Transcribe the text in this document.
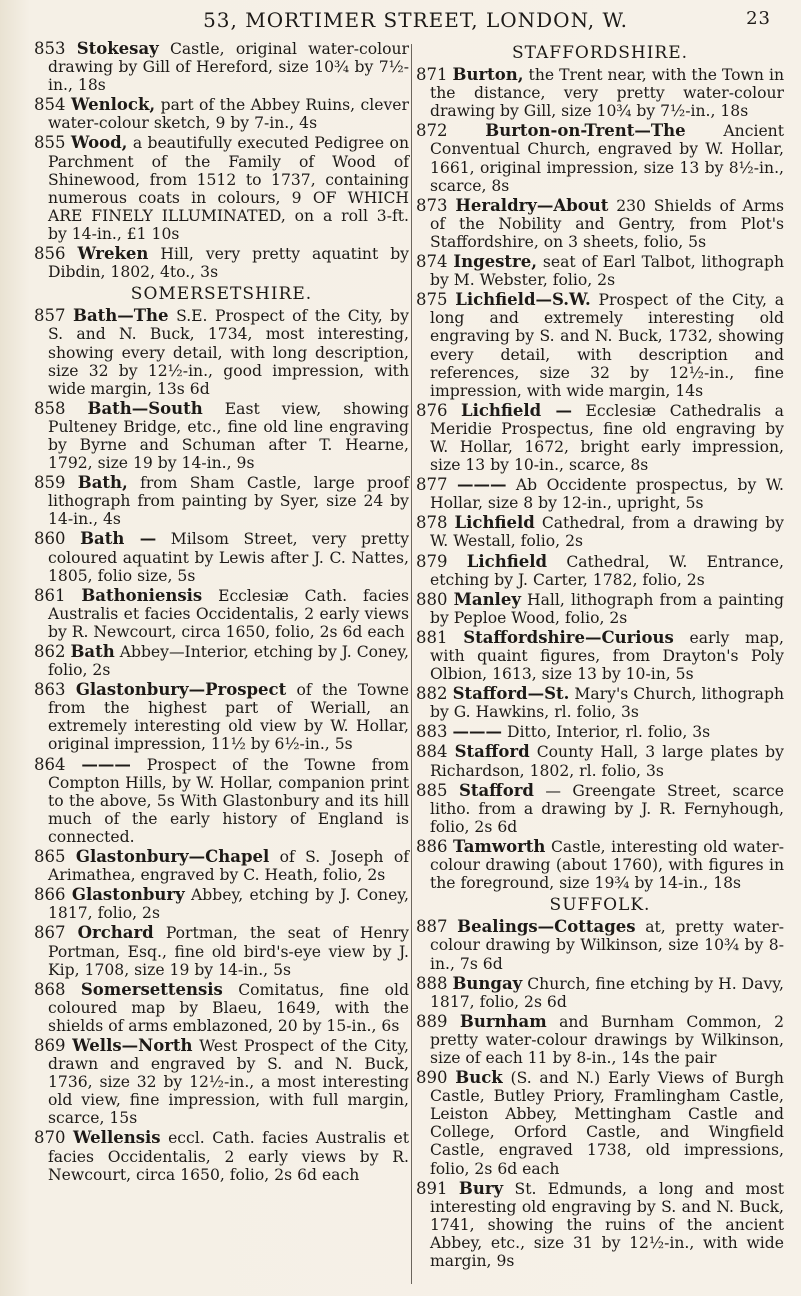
53, MORTIMER STREET, LONDON, W.	23
853 Stokesay Castle, original water-colour drawing by Gill of Hereford, size 10¾ by 7½-in., 18s
854 Wenlock, part of the Abbey Ruins, clever water-colour sketch, 9 by 7-in., 4s
855 Wood, a beautifully executed Pedigree on Parchment of the Family of Wood of Shinewood, from 1512 to 1737, containing numerous coats in colours, 9 OF WHICH ARE FINELY ILLUMINATED, on a roll 3-ft. by 14-in., £1 10s
856 Wreken Hill, very pretty aquatint by Dibdin, 1802, 4to., 3s
SOMERSETSHIRE.
857 Bath—The S.E. Prospect of the City, by S. and N. Buck, 1734, most interesting, showing every detail, with long description, size 32 by 12½-in., good impression, with wide margin, 13s 6d
858 Bath—South East view, showing Pulteney Bridge, etc., fine old line engraving by Byrne and Schuman after T. Hearne, 1792, size 19 by 14-in., 9s
859 Bath, from Sham Castle, large proof lithograph from painting by Syer, size 24 by 14-in., 4s
860 Bath — Milsom Street, very pretty coloured aquatint by Lewis after J. C. Nattes, 1805, folio size, 5s
861 Bathoniensis Ecclesiæ Cath. facies Australis et facies Occidentalis, 2 early views by R. Newcourt, circa 1650, folio, 2s 6d each
862 Bath Abbey—Interior, etching by J. Coney, folio, 2s
863 Glastonbury—Prospect of the Towne from the highest part of Weriall, an extremely interesting old view by W. Hollar, original impression, 11½ by 6½-in., 5s
864 ——— Prospect of the Towne from Compton Hills, by W. Hollar, companion print to the above, 5s With Glastonbury and its hill much of the early history of England is connected.
865 Glastonbury—Chapel of S. Joseph of Arimathea, engraved by C. Heath, folio, 2s
866 Glastonbury Abbey, etching by J. Coney, 1817, folio, 2s
867 Orchard Portman, the seat of Henry Portman, Esq., fine old bird's-eye view by J. Kip, 1708, size 19 by 14-in., 5s
868 Somersettensis Comitatus, fine old coloured map by Blaeu, 1649, with the shields of arms emblazoned, 20 by 15-in., 6s
869 Wells—North West Prospect of the City, drawn and engraved by S. and N. Buck, 1736, size 32 by 12½-in., a most interesting old view, fine impression, with full margin, scarce, 15s
870 Wellensis eccl. Cath. facies Australis et facies Occidentalis, 2 early views by R. Newcourt, circa 1650, folio, 2s 6d each
STAFFORDSHIRE.
871 Burton, the Trent near, with the Town in the distance, very pretty water-colour drawing by Gill, size 10¾ by 7½-in., 18s
872 Burton-on-Trent—The Ancient Conventual Church, engraved by W. Hollar, 1661, original impression, size 13 by 8½-in., scarce, 8s
873 Heraldry—About 230 Shields of Arms of the Nobility and Gentry, from Plot's Staffordshire, on 3 sheets, folio, 5s
874 Ingestre, seat of Earl Talbot, lithograph by M. Webster, folio, 2s
875 Lichfield—S.W. Prospect of the City, a long and extremely interesting old engraving by S. and N. Buck, 1732, showing every detail, with description and references, size 32 by 12½-in., fine impression, with wide margin, 14s
876 Lichfield — Ecclesiæ Cathedralis a Meridie Prospectus, fine old engraving by W. Hollar, 1672, bright early impression, size 13 by 10-in., scarce, 8s
877 ——— Ab Occidente prospectus, by W. Hollar, size 8 by 12-in., upright, 5s
878 Lichfield Cathedral, from a drawing by W. Westall, folio, 2s
879 Lichfield Cathedral, W. Entrance, etching by J. Carter, 1782, folio, 2s
880 Manley Hall, lithograph from a painting by Peploe Wood, folio, 2s
881 Staffordshire—Curious early map, with quaint figures, from Drayton's Poly Olbion, 1613, size 13 by 10-in, 5s
882 Stafford—St. Mary's Church, lithograph by G. Hawkins, rl. folio, 3s
883 ——— Ditto, Interior, rl. folio, 3s
884 Stafford County Hall, 3 large plates by Richardson, 1802, rl. folio, 3s
885 Stafford — Greengate Street, scarce litho. from a drawing by J. R. Fernyhough, folio, 2s 6d
886 Tamworth Castle, interesting old water-colour drawing (about 1760), with figures in the foreground, size 19¾ by 14-in., 18s
SUFFOLK.
887 Bealings—Cottages at, pretty water-colour drawing by Wilkinson, size 10¾ by 8-in., 7s 6d
888 Bungay Church, fine etching by H. Davy, 1817, folio, 2s 6d
889 Burnham and Burnham Common, 2 pretty water-colour drawings by Wilkinson, size of each 11 by 8-in., 14s the pair
890 Buck (S. and N.) Early Views of Burgh Castle, Butley Priory, Framlingham Castle, Leiston Abbey, Mettingham Castle and College, Orford Castle, and Wingfield Castle, engraved 1738, old impressions, folio, 2s 6d each
891 Bury St. Edmunds, a long and most interesting old engraving by S. and N. Buck, 1741, showing the ruins of the ancient Abbey, etc., size 31 by 12½-in., with wide margin, 9s
